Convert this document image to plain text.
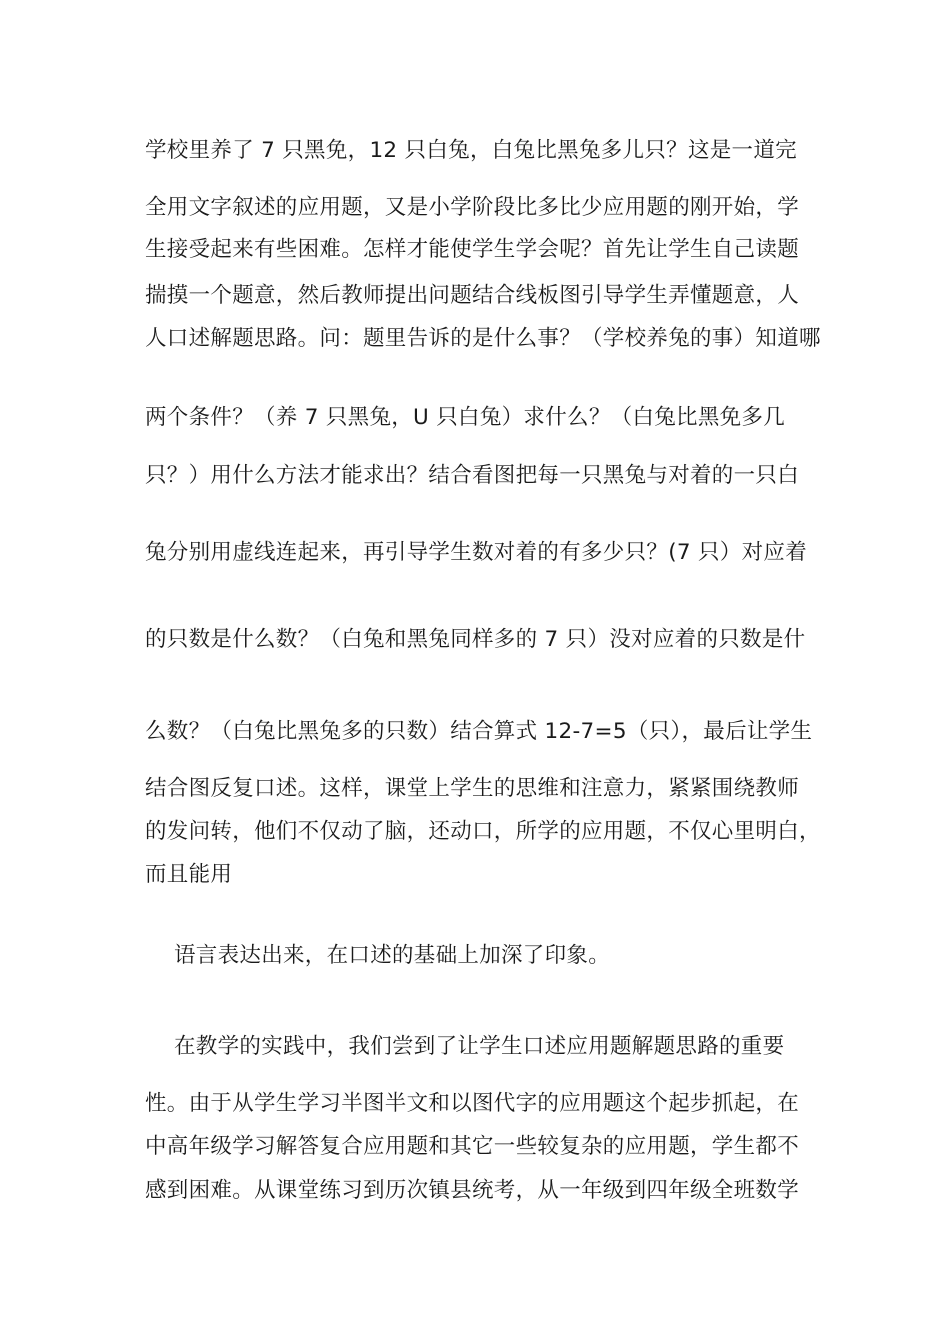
学校里养了 7 只黑免，12 只白兔，白兔比黑兔多儿只？这是一道完
全用文字叙述的应用题，又是小学阶段比多比少应用题的刚开始，学
生接受起来有些困难。怎样才能使学生学会呢？首先让学生自己读题
揣摸一个题意，然后教师提出问题结合线板图引导学生弄懂题意，人
人口述解题思路。问：题里告诉的是什么事？（学校养兔的事）知道哪
两个条件？（养 7 只黑兔，U 只白兔）求什么？（白兔比黑免多几
只？）用什么方法才能求出？结合看图把每一只黑兔与对着的一只白
兔分别用虚线连起来，再引导学生数对着的有多少只？(7 只）对应着
的只数是什么数？（白兔和黑兔同样多的 7 只）没对应着的只数是什
么数？（白兔比黑兔多的只数）结合算式 12-7=5（只），最后让学生
结合图反复口述。这样，课堂上学生的思维和注意力，紧紧围绕教师
的发问转，他们不仅动了脑，还动口，所学的应用题，不仅心里明白，
而且能用
语言表达出来，在口述的基础上加深了印象。
在教学的实践中，我们尝到了让学生口述应用题解题思路的重要
性。由于从学生学习半图半文和以图代字的应用题这个起步抓起，在
中高年级学习解答复合应用题和其它一些较复杂的应用题，学生都不
感到困难。从课堂练习到历次镇县统考，从一年级到四年级全班数学
